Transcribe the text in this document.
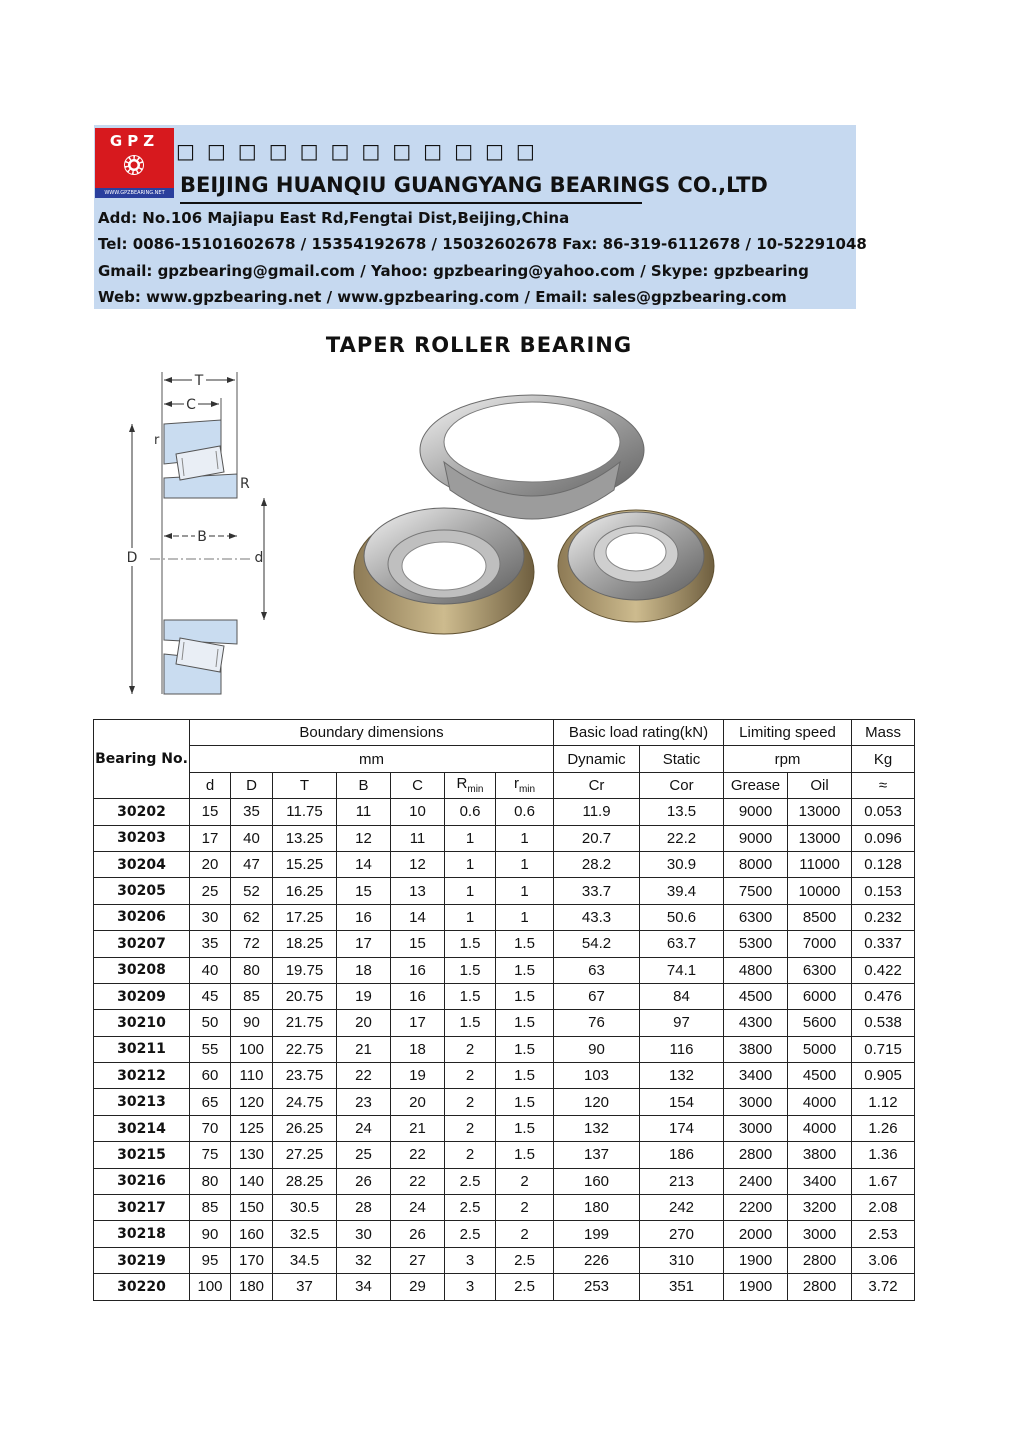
GPZ
WWW.GPZBEARING.NET
□□□□□□□□□□□□
BEIJING HUANQIU GUANGYANG BEARINGS CO.,LTD
Add: No.106 Majiapu East Rd,Fengtai Dist,Beijing,China
Tel: 0086-15101602678 / 15354192678 / 15032602678 Fax: 86-319-6112678 / 10-52291048
Gmail: gpzbearing@gmail.com / Yahoo: gpzbearing@yahoo.com / Skype: gpzbearing
Web: www.gpzbearing.net / www.gpzbearing.com / Email: sales@gpzbearing.com
TAPER ROLLER BEARING
T
C
D	d
r
R
B
Bearing No.	Boundary dimensions							Basic load rating(kN)		Limiting speed		Mass
	mm							Dynamic	Static	rpm		Kg
	d	D	T	B	C	$R_{min}$	$r_{min}$	Cr	Cor	Grease	Oil	≈
30202	15	35	11.75	11	10	0.6	0.6	11.9	13.5	9000	13000	0.053
30203	17	40	13.25	12	11	1	1	20.7	22.2	9000	13000	0.096
30204	20	47	15.25	14	12	1	1	28.2	30.9	8000	11000	0.128
30205	25	52	16.25	15	13	1	1	33.7	39.4	7500	10000	0.153
30206	30	62	17.25	16	14	1	1	43.3	50.6	6300	8500	0.232
30207	35	72	18.25	17	15	1.5	1.5	54.2	63.7	5300	7000	0.337
30208	40	80	19.75	18	16	1.5	1.5	63	74.1	4800	6300	0.422
30209	45	85	20.75	19	16	1.5	1.5	67	84	4500	6000	0.476
30210	50	90	21.75	20	17	1.5	1.5	76	97	4300	5600	0.538
30211	55	100	22.75	21	18	2	1.5	90	116	3800	5000	0.715
30212	60	110	23.75	22	19	2	1.5	103	132	3400	4500	0.905
30213	65	120	24.75	23	20	2	1.5	120	154	3000	4000	1.12
30214	70	125	26.25	24	21	2	1.5	132	174	3000	4000	1.26
30215	75	130	27.25	25	22	2	1.5	137	186	2800	3800	1.36
30216	80	140	28.25	26	22	2.5	2	160	213	2400	3400	1.67
30217	85	150	30.5	28	24	2.5	2	180	242	2200	3200	2.08
30218	90	160	32.5	30	26	2.5	2	199	270	2000	3000	2.53
30219	95	170	34.5	32	27	3	2.5	226	310	1900	2800	3.06
30220	100	180	37	34	29	3	2.5	253	351	1900	2800	3.72
